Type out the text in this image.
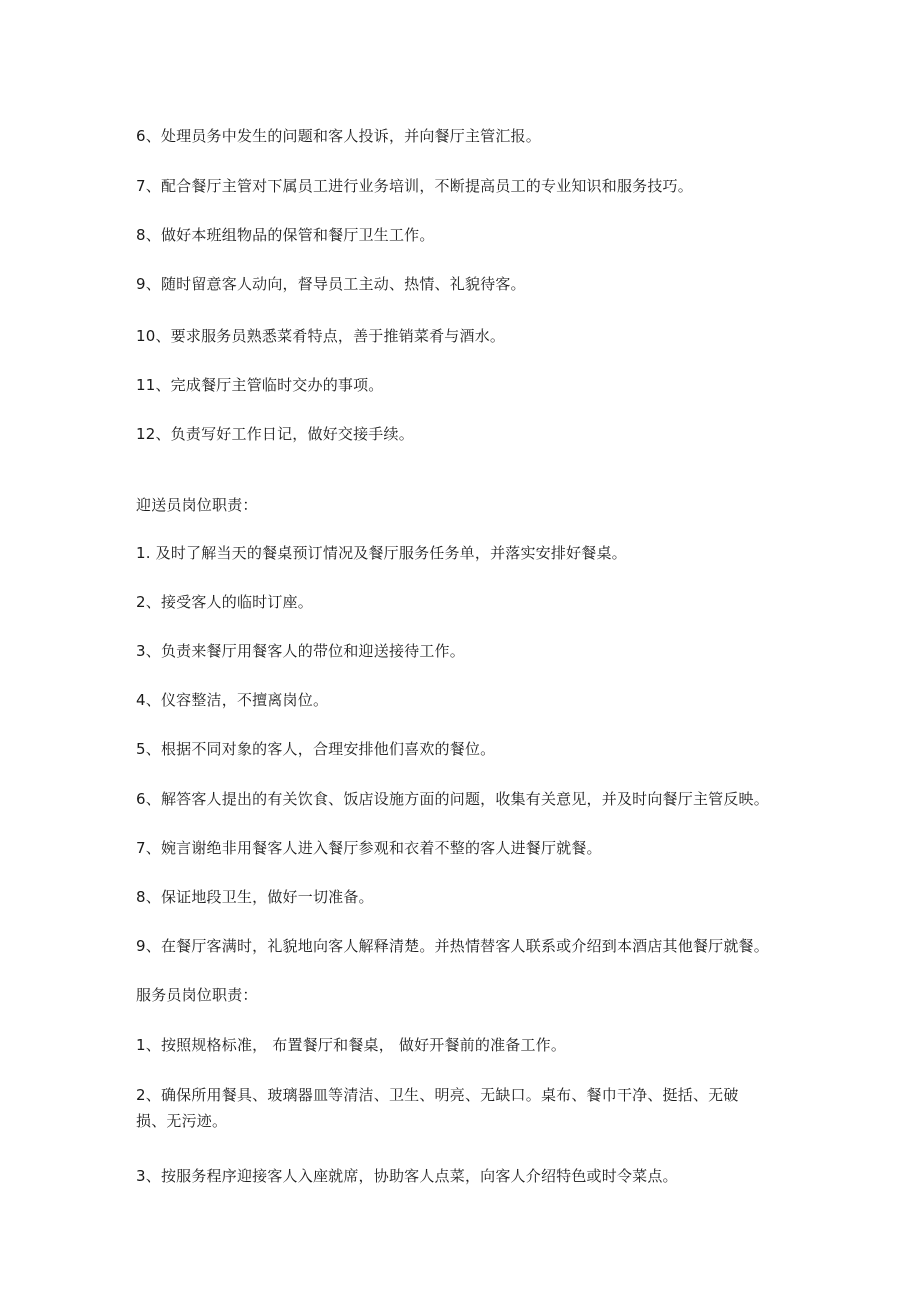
6、处理员务中发生的问题和客人投诉，并向餐厅主管汇报。

7、配合餐厅主管对下属员工进行业务培训，不断提高员工的专业知识和服务技巧。

8、做好本班组物品的保管和餐厅卫生工作。

9、随时留意客人动向，督导员工主动、热情、礼貌待客。

10、要求服务员熟悉菜肴特点，善于推销菜肴与酒水。

11、完成餐厅主管临时交办的事项。

12、负责写好工作日记，做好交接手续。

迎送员岗位职责：

1. 及时了解当天的餐桌预订情况及餐厅服务任务单，并落实安排好餐桌。

2、接受客人的临时订座。

3、负责来餐厅用餐客人的带位和迎送接待工作。

4、仪容整洁，不擅离岗位。

5、根据不同对象的客人，合理安排他们喜欢的餐位。

6、解答客人提出的有关饮食、饭店设施方面的问题，收集有关意见，并及时向餐厅主管反映。

7、婉言谢绝非用餐客人进入餐厅参观和衣着不整的客人进餐厅就餐。

8、保证地段卫生，做好一切准备。

9、在餐厅客满时，礼貌地向客人解释清楚。并热情替客人联系或介绍到本酒店其他餐厅就餐。

服务员岗位职责：

1、按照规格标准， 布置餐厅和餐桌， 做好开餐前的准备工作。

2、确保所用餐具、玻璃器皿等清洁、卫生、明亮、无缺口。桌布、餐巾干净、挺括、无破损、无污迹。

3、按服务程序迎接客人入座就席，协助客人点菜，向客人介绍特色或时令菜点。
